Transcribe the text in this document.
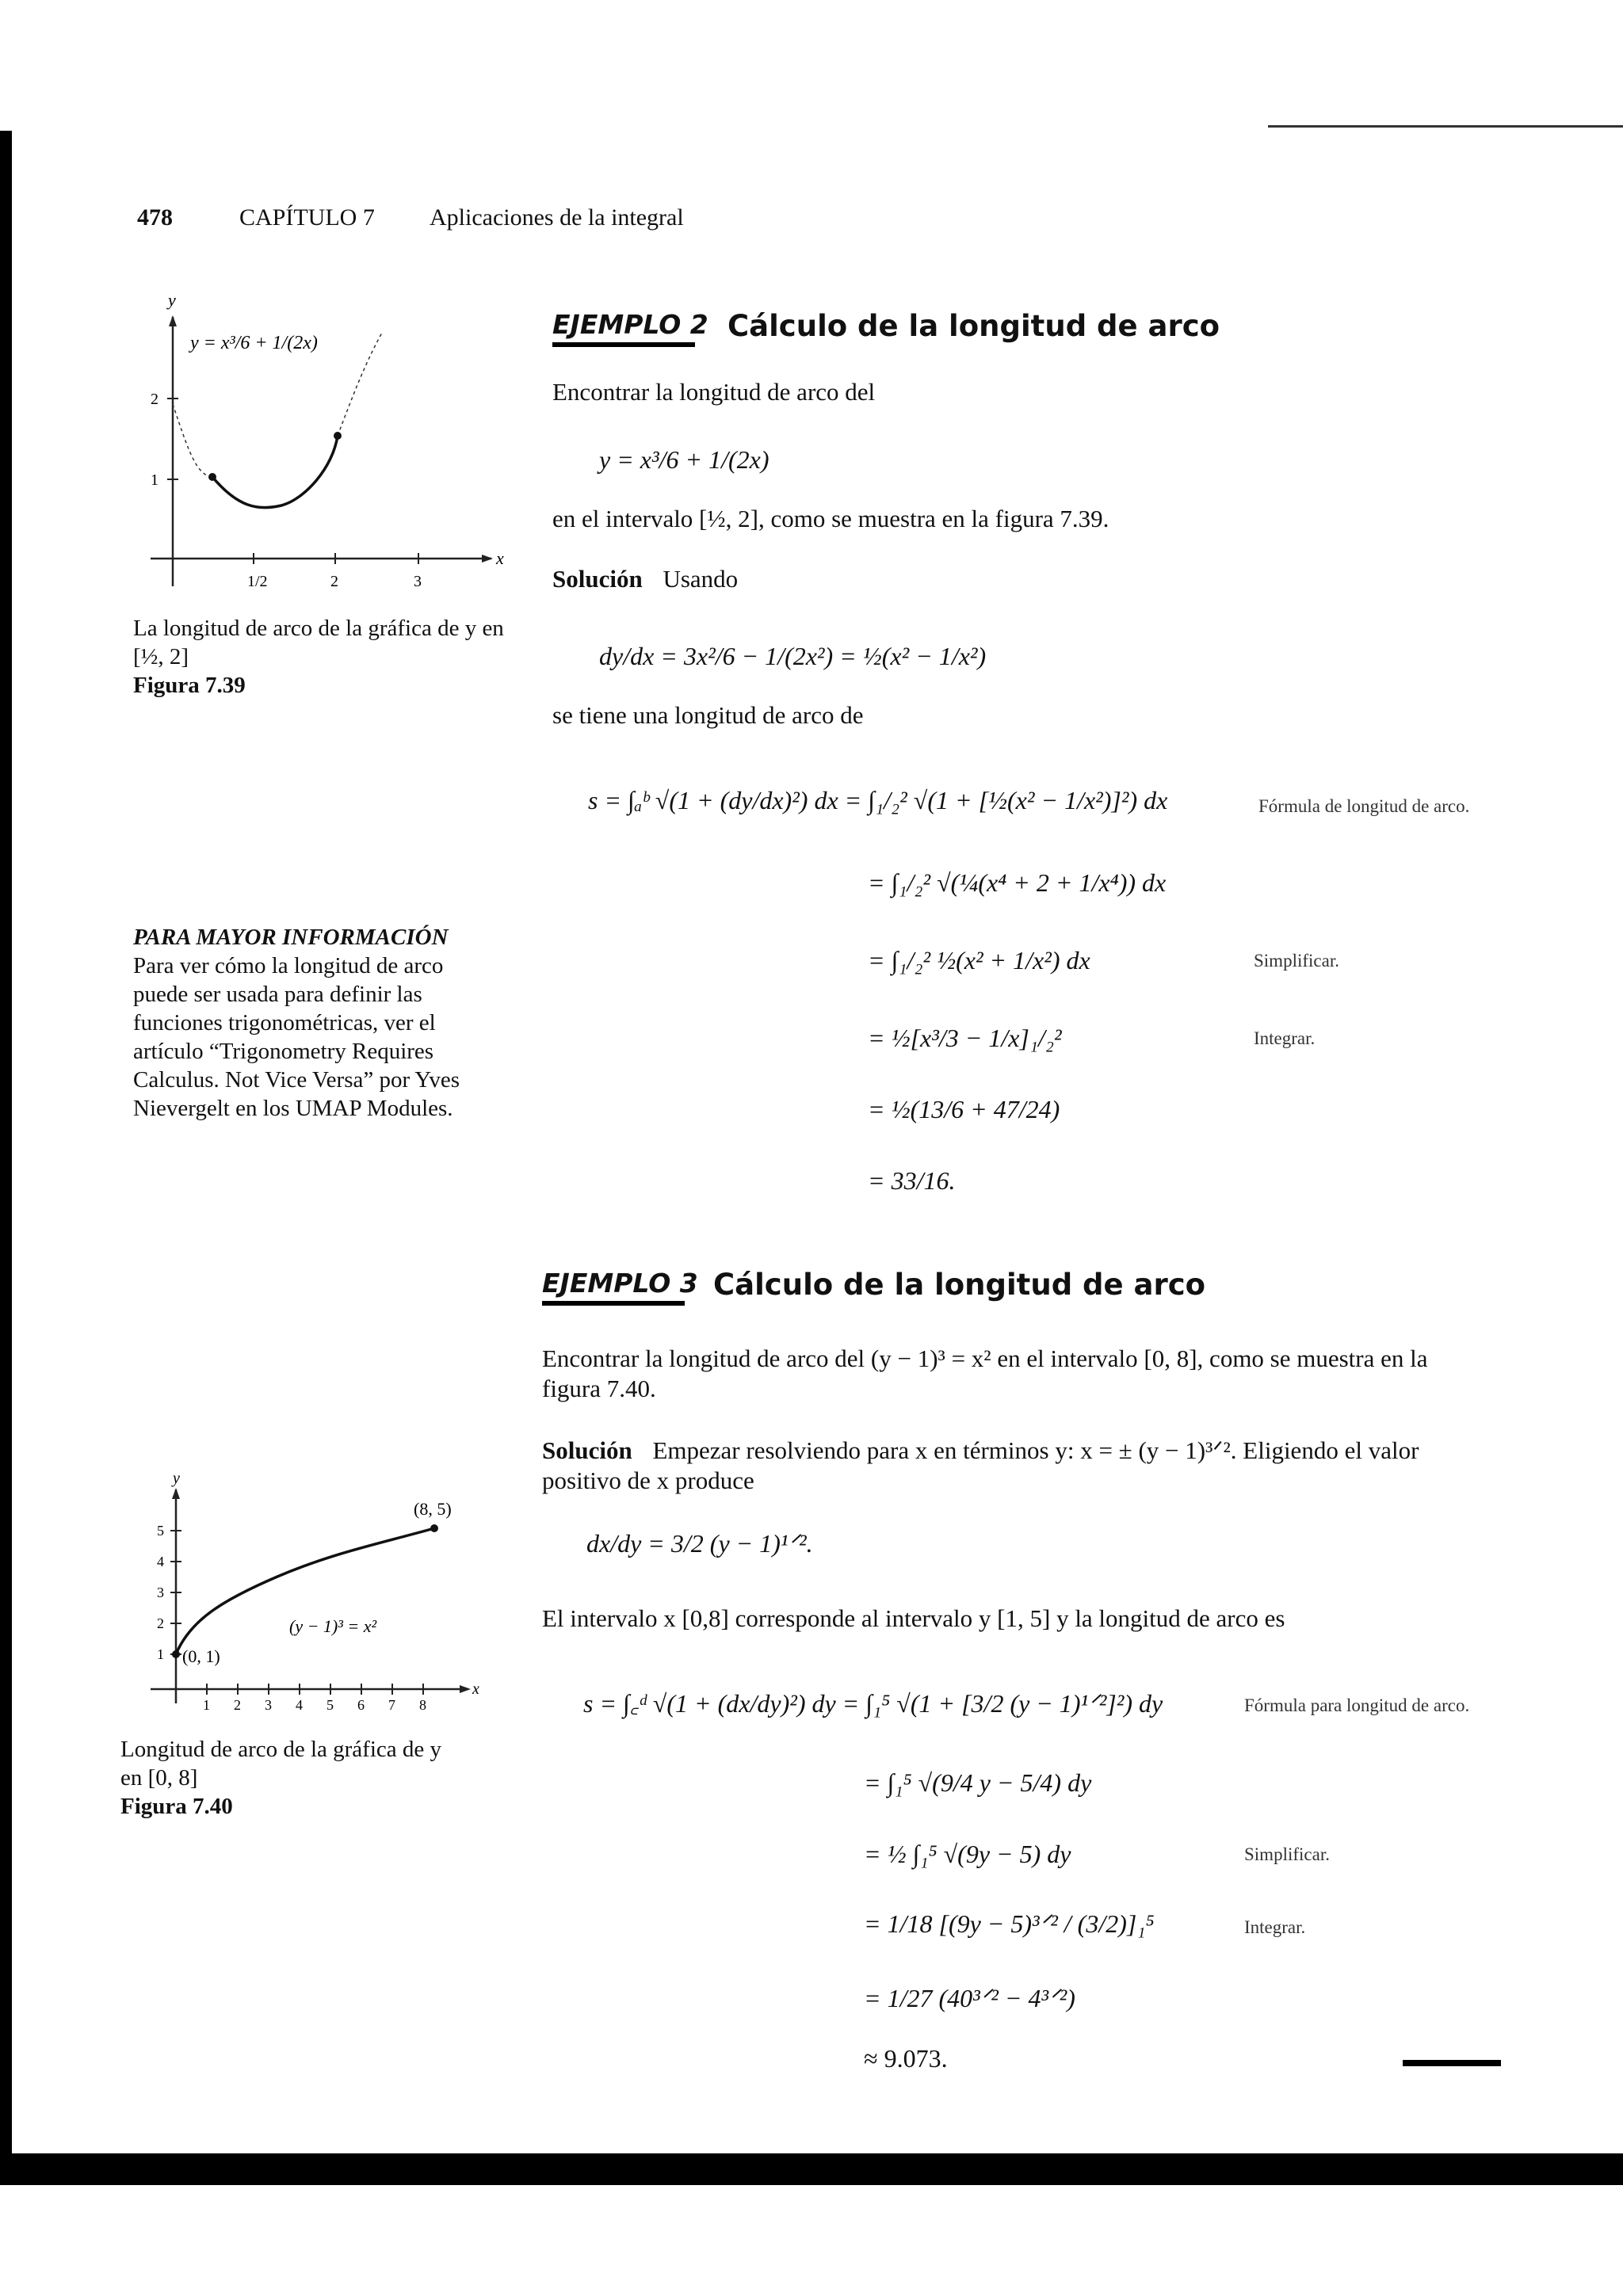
478	CAPÍTULO 7 Aplicaciones de la integral
y = x³/6 + 1/(2x)
y
x
1/2	2	3
1
2
La longitud de arco de la gráfica de y en
[½, 2]
Figura 7.39
PARA MAYOR INFORMACIÓN
Para ver cómo la longitud de arco
puede ser usada para definir las
funciones trigonométricas, ver el
artículo “Trigonometry Requires
Calculus. Not Vice Versa” por Yves
Nievergelt en los UMAP Modules.
EJEMPLO 2 Cálculo de la longitud de arco
Encontrar la longitud de arco del
y = x³/6 + 1/(2x)
en el intervalo [½, 2], como se muestra en la figura 7.39.
Solución Usando
dy/dx = 3x²/6 − 1/(2x²) = ½(x² − 1/x²)
se tiene una longitud de arco de
s = ∫ₐᵇ √(1 + (dy/dx)²) dx = ∫₁/₂² √(1 + [½(x² − 1/x²)]²) dx	Fórmula de longitud de arco.
= ∫₁/₂² √(¼(x⁴ + 2 + 1/x⁴)) dx
= ∫₁/₂² ½(x² + 1/x²) dx	Simplificar.
= ½[x³/3 − 1/x]₁/₂²	Integrar.
= ½(13/6 + 47/24)
= 33/16.
EJEMPLO 3 Cálculo de la longitud de arco
Encontrar la longitud de arco del (y − 1)³ = x² en el intervalo [0, 8], como se muestra en la
figura 7.40.
Solución Empezar resolviendo para x en términos y: x = ± (y − 1)³ᐟ². Eligiendo el valor
positivo de x produce
dx/dy = 3/2 (y − 1)¹ᐟ².
El intervalo x [0,8] corresponde al intervalo y [1, 5] y la longitud de arco es
s = ∫꜀ᵈ √(1 + (dx/dy)²) dy = ∫₁⁵ √(1 + [3/2 (y − 1)¹ᐟ²]²) dy	Fórmula para longitud de arco.
= ∫₁⁵ √(9/4 y − 5/4) dy
= ½ ∫₁⁵ √(9y − 5) dy	Simplificar.
= 1/18 [(9y − 5)³ᐟ² / (3/2)]₁⁵	Integrar.
= 1/27 (40³ᐟ² − 4³ᐟ²)
≈ 9.073.
y
x
(8, 5)
(0, 1)
(y − 1)³ = x²
1 2 3 4 5 6 7 8
1
2
3
4
5
Longitud de arco de la gráfica de y
en [0, 8]
Figura 7.40
